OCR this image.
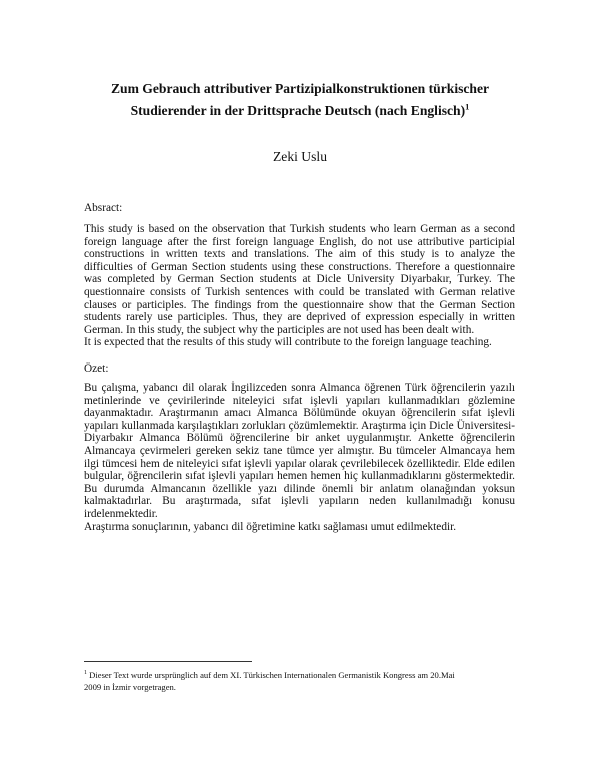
Zum Gebrauch attributiver Partizipialkonstruktionen türkischer
Studierender in der Drittsprache Deutsch (nach Englisch)$^1$
Zeki Uslu
Absract:

This study is based on the observation that Turkish students who learn German as a second foreign language after the first foreign language English, do not use attributive participial constructions in written texts and translations. The aim of this study is to analyze the difficulties of German Section students using these constructions. Therefore a questionnaire was completed by German Section students at Dicle University Diyarbakır, Turkey. The questionnaire consists of Turkish sentences with could be translated with German relative clauses or participles. The findings from the questionnaire show that the German Section students rarely use participles. Thus, they are deprived of expression especially in written German. In this study, the subject why the participles are not used has been dealt with.
It is expected that the results of this study will contribute to the foreign language teaching.

Özet:

Bu çalışma, yabancı dil olarak İngilizceden sonra Almanca öğrenen Türk öğrencilerin yazılı metinlerinde ve çevirilerinde niteleyici sıfat işlevli yapıları kullanmadıkları gözlemine dayanmaktadır. Araştırmanın amacı Almanca Bölümünde okuyan öğrencilerin sıfat işlevli yapıları kullanmada karşılaştıkları zorlukları çözümlemektir. Araştırma için Dicle Üniversitesi-Diyarbakır Almanca Bölümü öğrencilerine bir anket uygulanmıştır. Ankette öğrencilerin Almancaya çevirmeleri gereken sekiz tane tümce yer almıştır. Bu tümceler Almancaya hem ilgi tümcesi hem de niteleyici sıfat işlevli yapılar olarak çevrilebilecek özelliktedir. Elde edilen bulgular, öğrencilerin sıfat işlevli yapıları hemen hemen hiç kullanmadıklarını göstermektedir. Bu durumda Almancanın özellikle yazı dilinde önemli bir anlatım olanağından yoksun kalmaktadırlar. Bu araştırmada, sıfat işlevli yapıların neden kullanılmadığı konusu irdelenmektedir.
Araştırma sonuçlarının, yabancı dil öğretimine katkı sağlaması umut edilmektedir.

$^1$ Dieser Text wurde ursprünglich auf dem XI. Türkischen Internationalen Germanistik Kongress am 20.Mai
2009 in İzmir vorgetragen.
